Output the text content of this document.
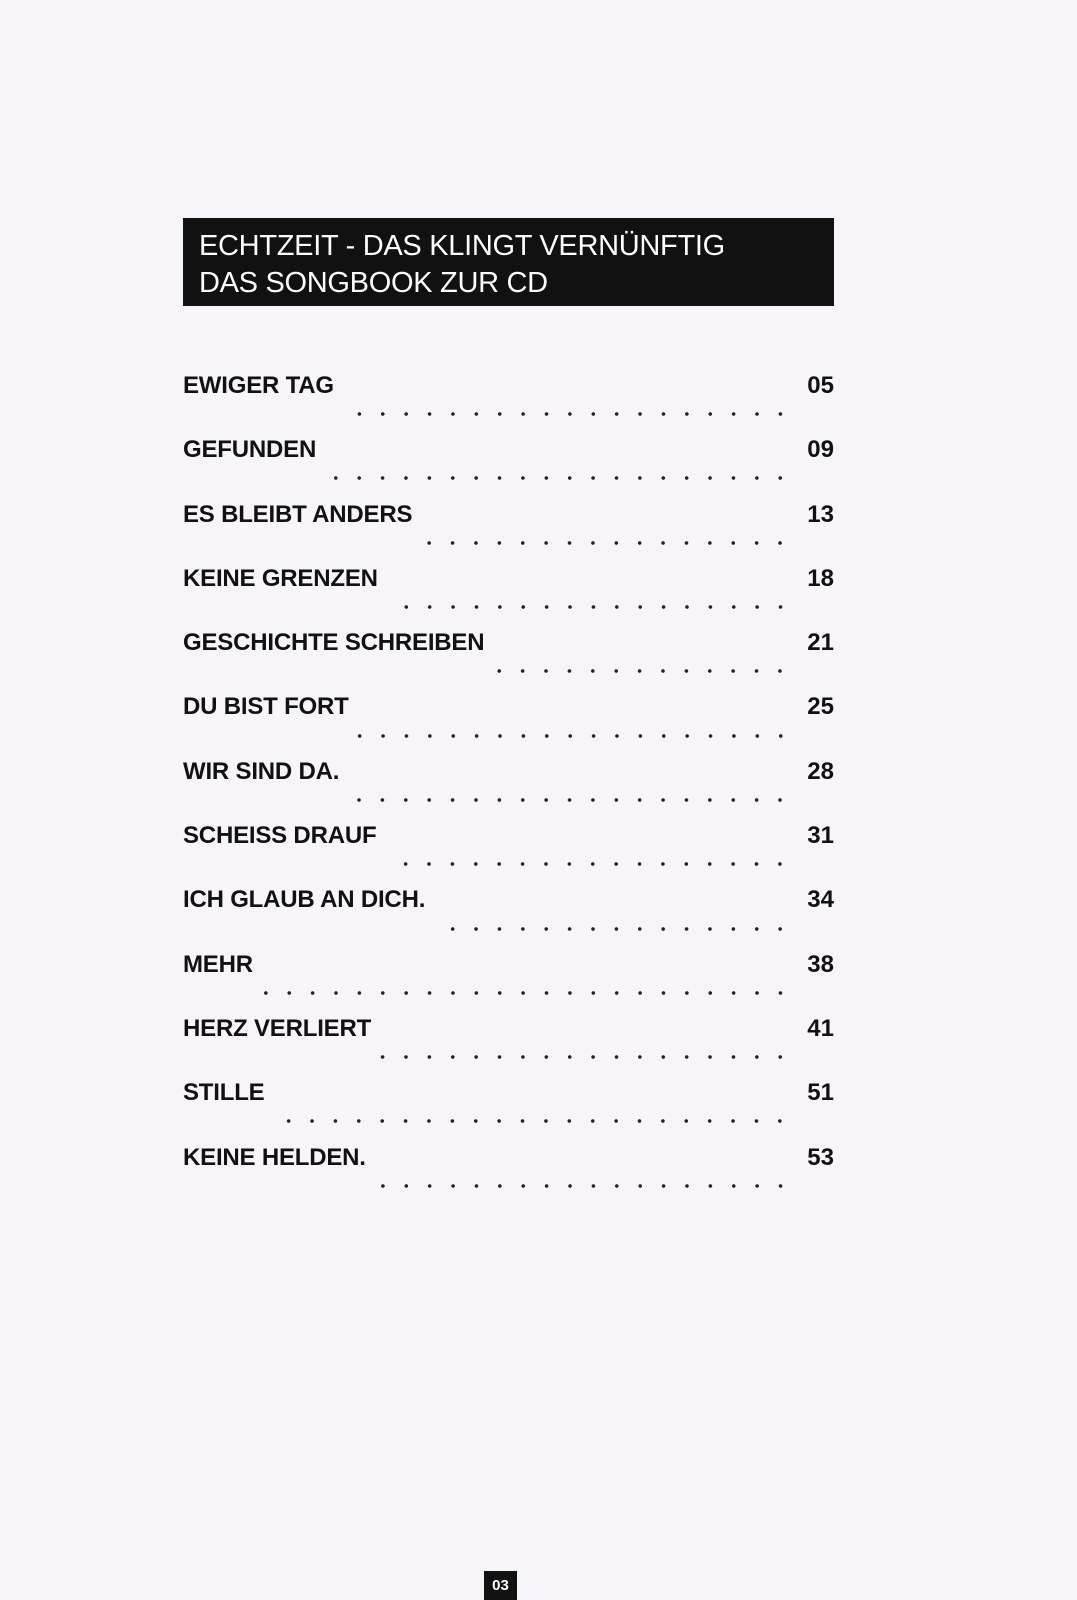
ECHTZEIT - DAS KLINGT VERNÜNFTIG
DAS SONGBOOK ZUR CD
EWIGER TAG	05
GEFUNDEN	09
ES BLEIBT ANDERS	13
KEINE GRENZEN	18
GESCHICHTE SCHREIBEN	21
DU BIST FORT	25
WIR SIND DA.	28
SCHEISS DRAUF	31
ICH GLAUB AN DICH.	34
MEHR	38
HERZ VERLIERT	41
STILLE	51
KEINE HELDEN.	53
03
